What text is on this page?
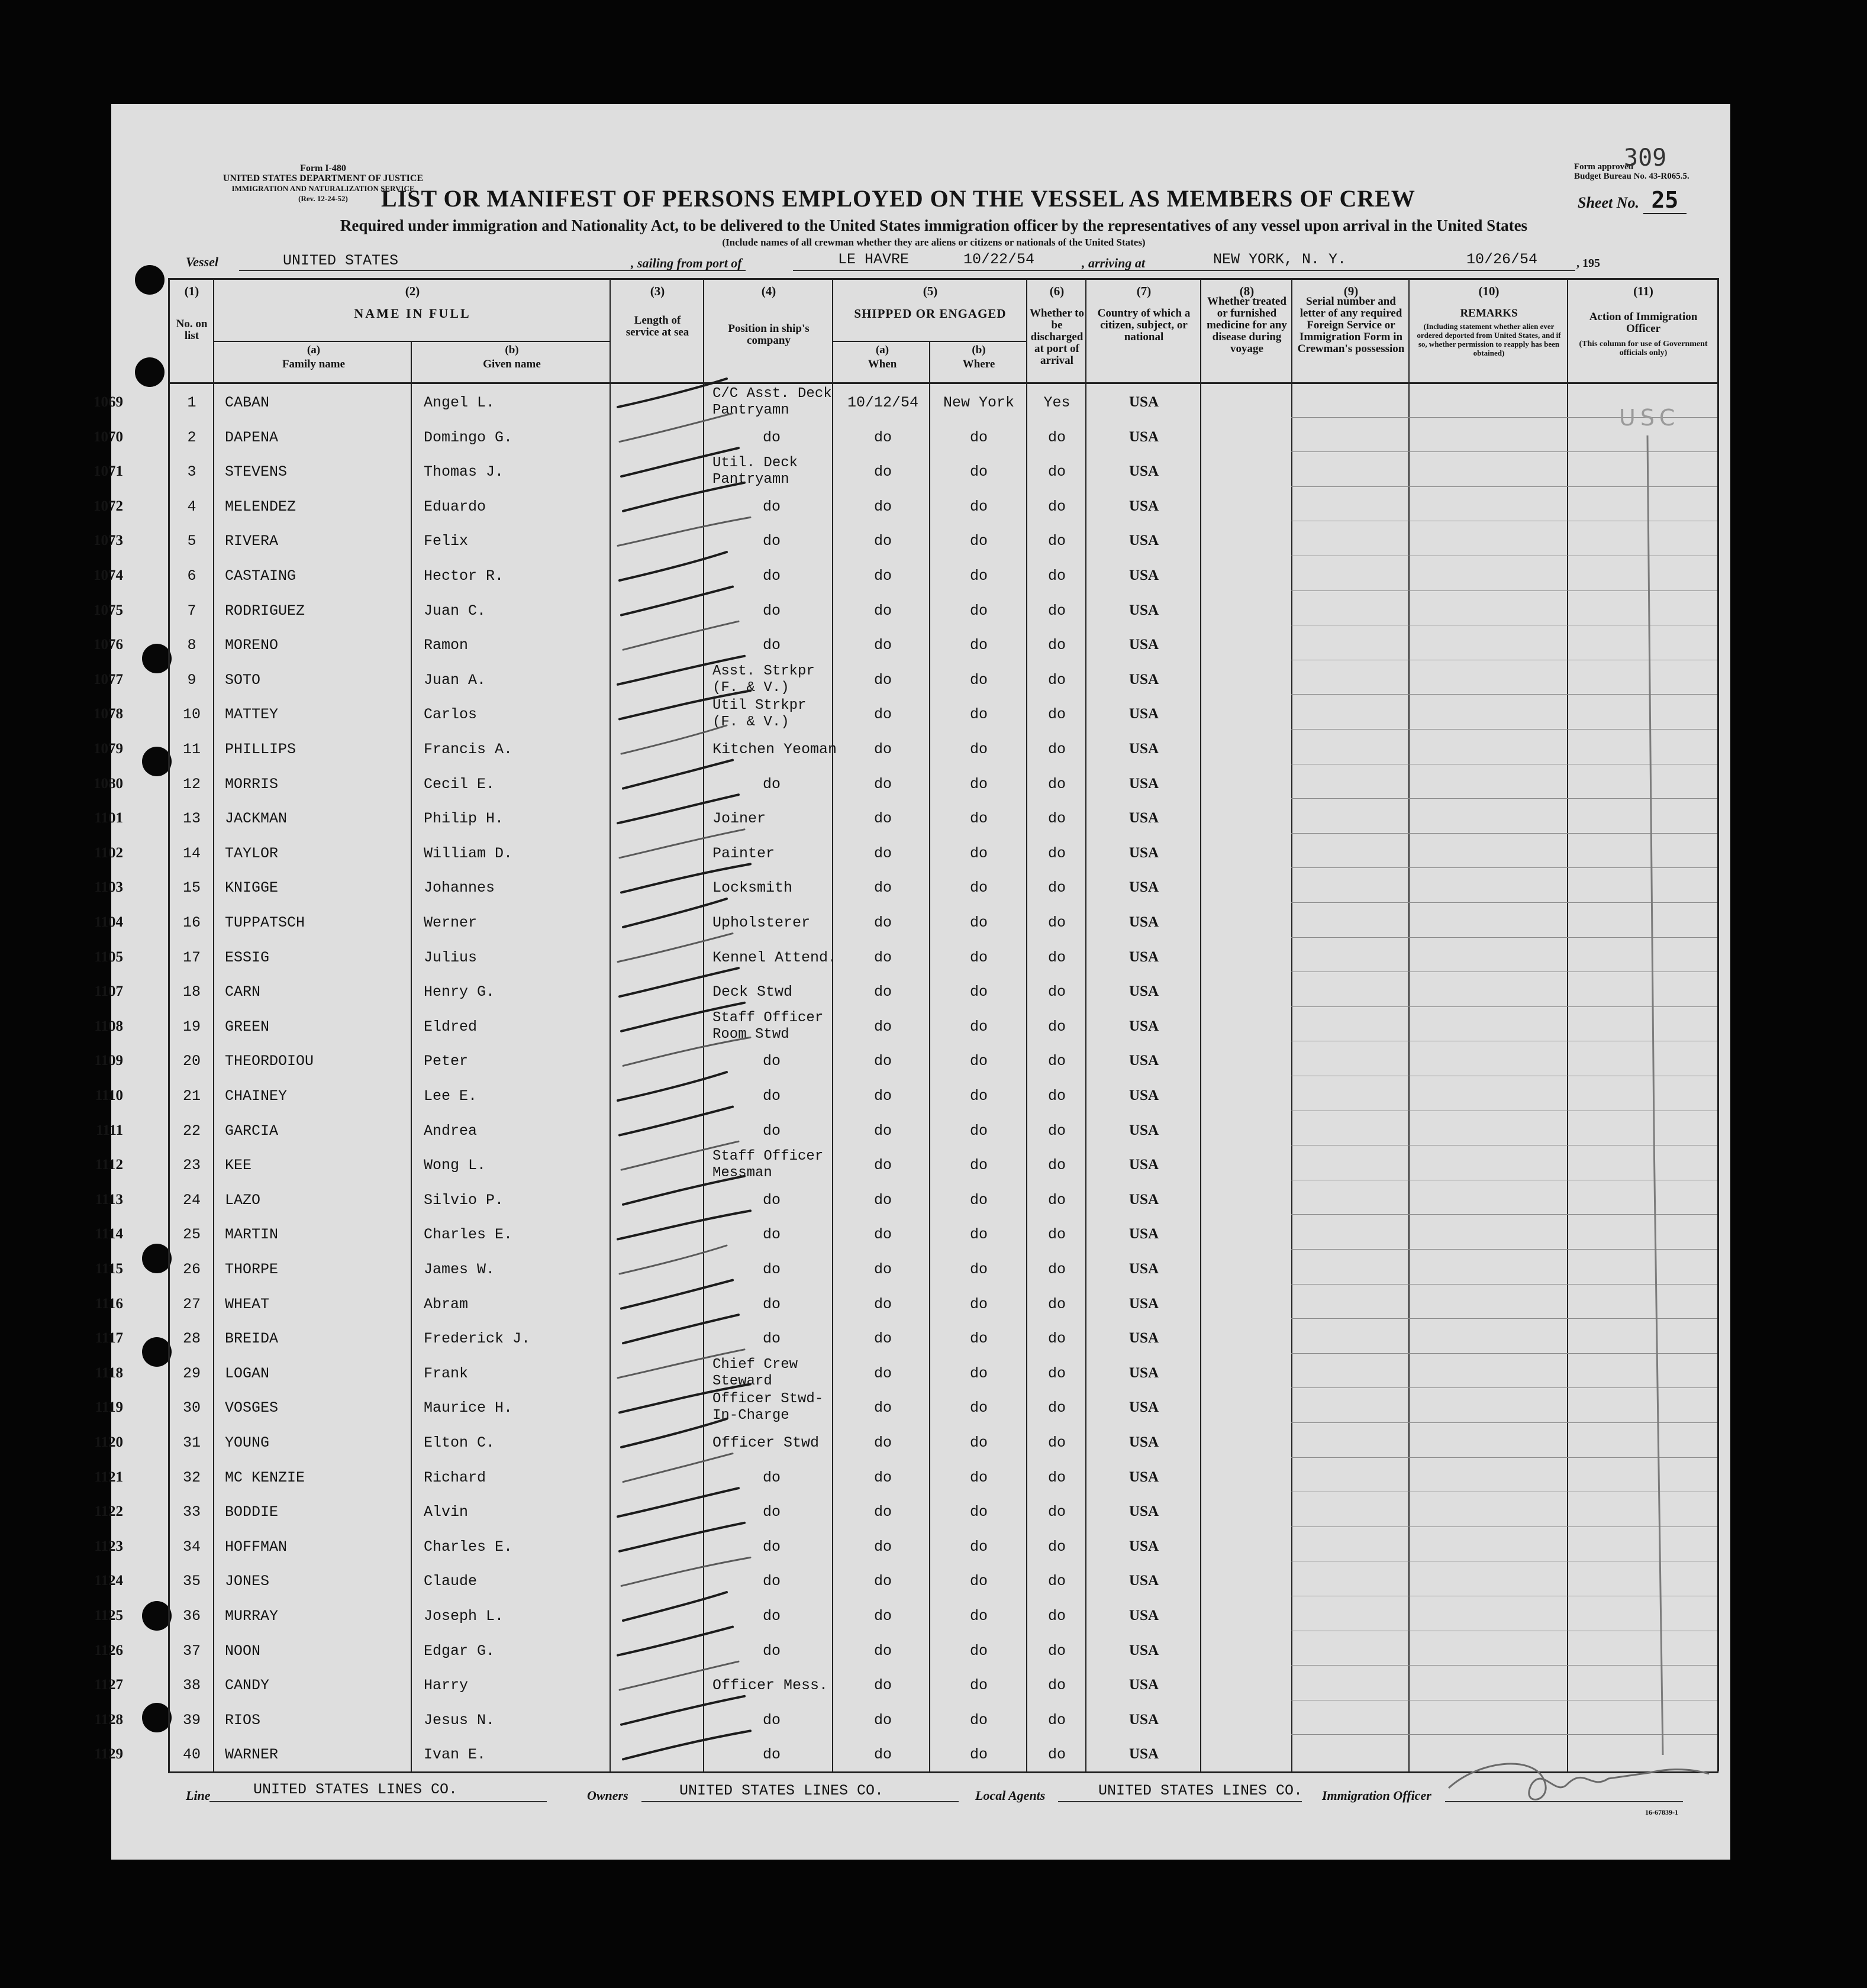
Form I-480
UNITED STATES DEPARTMENT OF JUSTICE
IMMIGRATION AND NATURALIZATION SERVICE
(Rev. 12-24-52)
Form approved
Budget Bureau No. 43-R065.5.
309
LIST OR MANIFEST OF PERSONS EMPLOYED ON THE VESSEL AS MEMBERS OF CREW	Sheet No. 25
Required under immigration and Nationality Act, to be delivered to the United States immigration officer by the representatives of any vessel upon arrival in the United States
(Include names of all crewman whether they are aliens or citizens or nationals of the United States)
Vessel	UNITED STATES	, sailing from port of	LE HAVRE	10/22/54	, arriving at	NEW YORK, N. Y.	10/26/54	, 195
(1)
No. on list
(2)
NAME IN FULL
(a)
Family name
(b)
Given name
(3)
Length of service at sea
(4)
Position in ship's company
(5)
SHIPPED OR ENGAGED
(a)
When
(b)
Where
(6)
Whether to be discharged at port of arrival
(7)
Country of which a citizen, subject, or national
(8)
Whether treated or furnished medicine for any disease during voyage
(9)
Serial number and letter of any required Foreign Service or Immigration Form in Crewman's possession
(10)
REMARKS
(Including statement whether alien ever ordered deported from United States, and if so, whether permission to reapply has been obtained)
(11)
Action of Immigration Officer
(This column for use of Government officials only)
1069	1	CABAN	Angel L.
C/C Asst. Deck
Pantryamn	10/12/54	New York	Yes	USA
1070	2	DAPENA	Domingo G.	do	do	do	do	USA
1071	3	STEVENS	Thomas J.
Util. Deck
Pantryamn	do	do	do	USA
1072	4	MELENDEZ	Eduardo	do	do	do	do	USA
1073	5	RIVERA	Felix	do	do	do	do	USA
1074	6	CASTAING	Hector R.	do	do	do	do	USA
1075	7	RODRIGUEZ	Juan C.	do	do	do	do	USA
1076	8	MORENO	Ramon	do	do	do	do	USA
1077	9	SOTO	Juan A.
Asst. Strkpr
(F. & V.)	do	do	do	USA
1078	10	MATTEY	Carlos
Util Strkpr
(F. & V.)	do	do	do	USA
1079	11	PHILLIPS	Francis A.	Kitchen Yeoman	do	do	do	USA
1080	12	MORRIS	Cecil E.	do	do	do	do	USA
1101	13	JACKMAN	Philip H.	Joiner	do	do	do	USA
1102	14	TAYLOR	William D.	Painter	do	do	do	USA
1103	15	KNIGGE	Johannes	Locksmith	do	do	do	USA
1104	16	TUPPATSCH	Werner	Upholsterer	do	do	do	USA
1105	17	ESSIG	Julius	Kennel Attend.	do	do	do	USA
1107	18	CARN	Henry G.	Deck Stwd	do	do	do	USA
1108	19	GREEN	Eldred
Staff Officer
Room Stwd	do	do	do	USA
1109	20	THEORDOIOU	Peter	do	do	do	do	USA
1110	21	CHAINEY	Lee E.	do	do	do	do	USA
1111	22	GARCIA	Andrea	do	do	do	do	USA
1112	23	KEE	Wong L.
Staff Officer
Messman	do	do	do	USA
1113	24	LAZO	Silvio P.	do	do	do	do	USA
1114	25	MARTIN	Charles E.	do	do	do	do	USA
1115	26	THORPE	James W.	do	do	do	do	USA
1116	27	WHEAT	Abram	do	do	do	do	USA
1117	28	BREIDA	Frederick J.	do	do	do	do	USA
1118	29	LOGAN	Frank
Chief Crew
Steward	do	do	do	USA
1119	30	VOSGES	Maurice H.
Officer Stwd-
In-Charge	do	do	do	USA
1120	31	YOUNG	Elton C.	Officer Stwd	do	do	do	USA
1121	32	MC KENZIE	Richard	do	do	do	do	USA
1122	33	BODDIE	Alvin	do	do	do	do	USA
1123	34	HOFFMAN	Charles E.	do	do	do	do	USA
1124	35	JONES	Claude	do	do	do	do	USA
1125	36	MURRAY	Joseph L.	do	do	do	do	USA
1126	37	NOON	Edgar G.	do	do	do	do	USA
1127	38	CANDY	Harry	Officer Mess.	do	do	do	USA
1128	39	RIOS	Jesus N.	do	do	do	do	USA
1129	40	WARNER	Ivan E.	do	do	do	do	USA
USC
Line	UNITED STATES LINES CO.	Owners	UNITED STATES LINES CO.	Local Agents	UNITED STATES LINES CO. Immigration Officer
16-67839-1
